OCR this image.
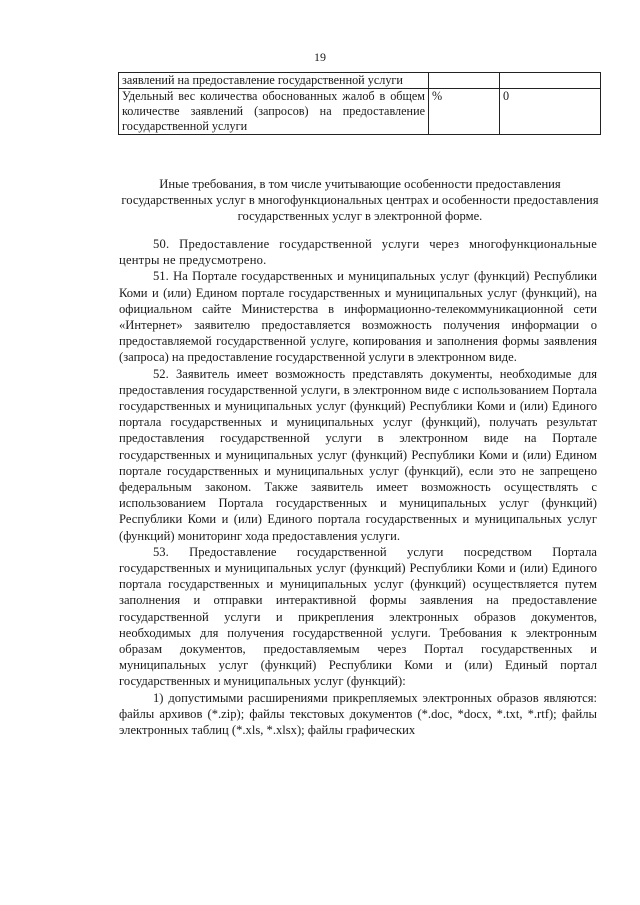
19
заявлений на предоставление государственной услуги		
Удельный вес количества обоснованных жалоб в общем количестве заявлений (запросов) на предоставление государственной услуги	%	0
Иные требования, в том числе учитывающие особенности предоставления государственных услуг в многофункциональных центрах и особенности предоставления государственных услуг в электронной форме.

50. Предоставление государственной услуги через многофункциональные центры не предусмотрено.

51. На Портале государственных и муниципальных услуг (функций) Республики Коми и (или) Едином портале государственных и муниципальных услуг (функций), на официальном сайте Министерства в информационно-телекоммуникационной сети «Интернет» заявителю предоставляется возможность получения информации о предоставляемой государственной услуге, копирования и заполнения формы заявления (запроса) на предоставление государственной услуги в электронном виде.

52. Заявитель имеет возможность представлять документы, необходимые для предоставления государственной услуги, в электронном виде с использованием Портала государственных и муниципальных услуг (функций) Республики Коми и (или) Единого портала государственных и муниципальных услуг (функций), получать результат предоставления государственной услуги в электронном виде на Портале государственных и муниципальных услуг (функций) Республики Коми и (или) Едином портале государственных и муниципальных услуг (функций), если это не запрещено федеральным законом. Также заявитель имеет возможность осуществлять с использованием Портала государственных и муниципальных услуг (функций) Республики Коми и (или) Единого портала государственных и муниципальных услуг (функций) мониторинг хода предоставления услуги.

53. Предоставление государственной услуги посредством Портала государственных и муниципальных услуг (функций) Республики Коми и (или) Единого портала государственных и муниципальных услуг (функций) осуществляется путем заполнения и отправки интерактивной формы заявления на предоставление государственной услуги и прикрепления электронных образов документов, необходимых для получения государственной услуги. Требования к электронным образам документов, предоставляемым через Портал государственных и муниципальных услуг (функций) Республики Коми и (или) Единый портал государственных и муниципальных услуг (функций):

1) допустимыми расширениями прикрепляемых электронных образов являются: файлы архивов (*.zip); файлы текстовых документов (*.doc, *docx, *.txt, *.rtf); файлы электронных таблиц (*.xls, *.xlsx); файлы графических
